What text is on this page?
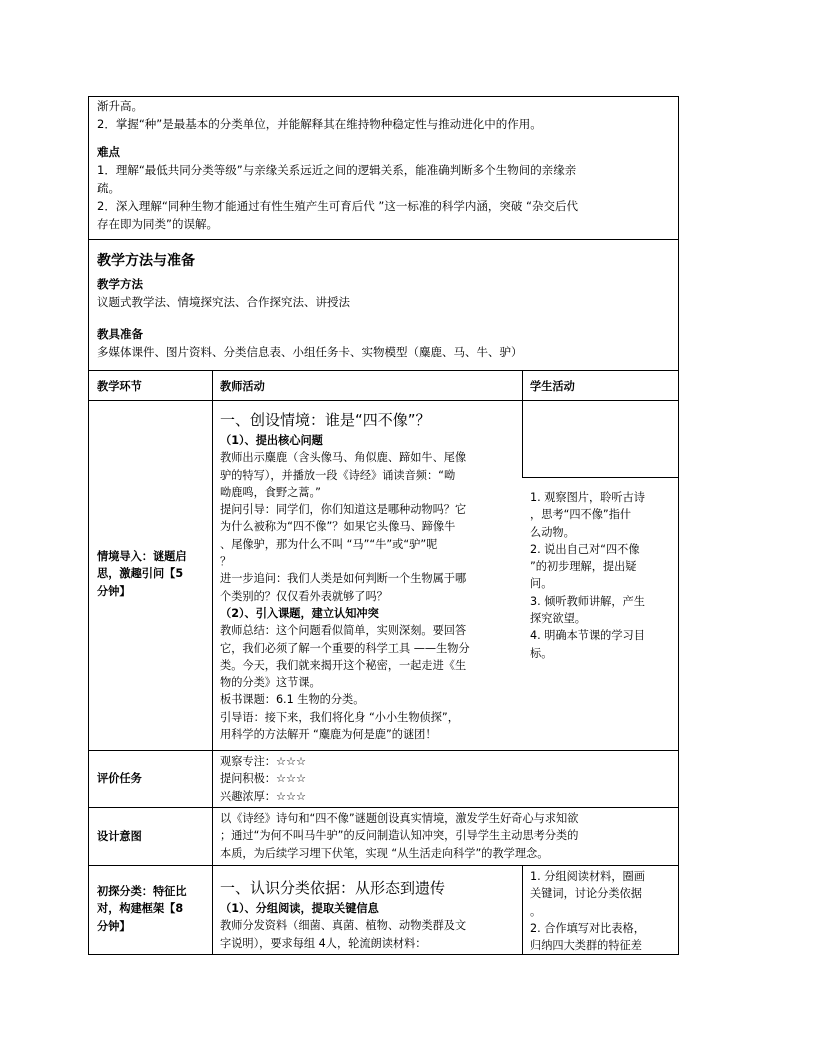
渐升高。

2．掌握“种”是最基本的分类单位，并能解释其在维持物种稳定性与推动进化中的作用。

难点

1．理解“最低共同分类等级”与亲缘关系远近之间的逻辑关系，能准确判断多个生物间的亲缘亲

疏。

2．深入理解“同种生物才能通过有性生殖产生可育后代 ”这一标准的科学内涵，突破 “杂交后代

存在即为同类”的误解。

教学方法与准备

教学方法

议题式教学法、情境探究法、合作探究法、讲授法

教具准备

多媒体课件、图片资料、分类信息表、小组任务卡、实物模型（麋鹿、马、牛、驴）

教学环节	教师活动	学生活动

情境导入：谜题启

思，激趣引问【5

分钟】

一、创设情境：谁是“四不像”？

（1）、提出核心问题

教师出示麋鹿（含头像马、角似鹿、蹄如牛、尾像

驴的特写），并播放一段《诗经》诵读音频：“呦

呦鹿鸣，食野之蒿。”

提问引导：同学们，你们知道这是哪种动物吗？它

为什么被称为“四不像”？如果它头像马、蹄像牛

、尾像驴，那为什么不叫 “马”“牛”或“驴”呢

？

进一步追问：我们人类是如何判断一个生物属于哪

个类别的？仅仅看外表就够了吗？

（2）、引入课题，建立认知冲突

教师总结：这个问题看似简单，实则深刻。要回答

它，我们必须了解一个重要的科学工具 ——生物分

类。今天，我们就来揭开这个秘密，一起走进《生

物的分类》这节课。

板书课题：6.1 生物的分类。

引导语：接下来，我们将化身 “小小生物侦探”，

用科学的方法解开 “麋鹿为何是鹿”的谜团！

1. 观察图片，聆听古诗

，思考“四不像”指什

么动物。

2. 说出自己对“四不像

”的初步理解，提出疑

问。

3. 倾听教师讲解，产生

探究欲望。

4. 明确本节课的学习目

标。

评价任务

观察专注：☆☆☆

提问积极：☆☆☆

兴趣浓厚：☆☆☆

设计意图

以《诗经》诗句和“四不像”谜题创设真实情境，激发学生好奇心与求知欲

；通过“为何不叫马牛驴”的反问制造认知冲突，引导学生主动思考分类的

本质，为后续学习埋下伏笔，实现 “从生活走向科学”的教学理念。

初探分类：特征比

对，构建框架【8

分钟】

一、认识分类依据：从形态到遗传

（1）、分组阅读，提取关键信息

教师分发资料（细菌、真菌、植物、动物类群及文

字说明），要求每组 4人，轮流朗读材料：

1. 分组阅读材料，圈画

关键词，讨论分类依据

。

2. 合作填写对比表格，

归纳四大类群的特征差
